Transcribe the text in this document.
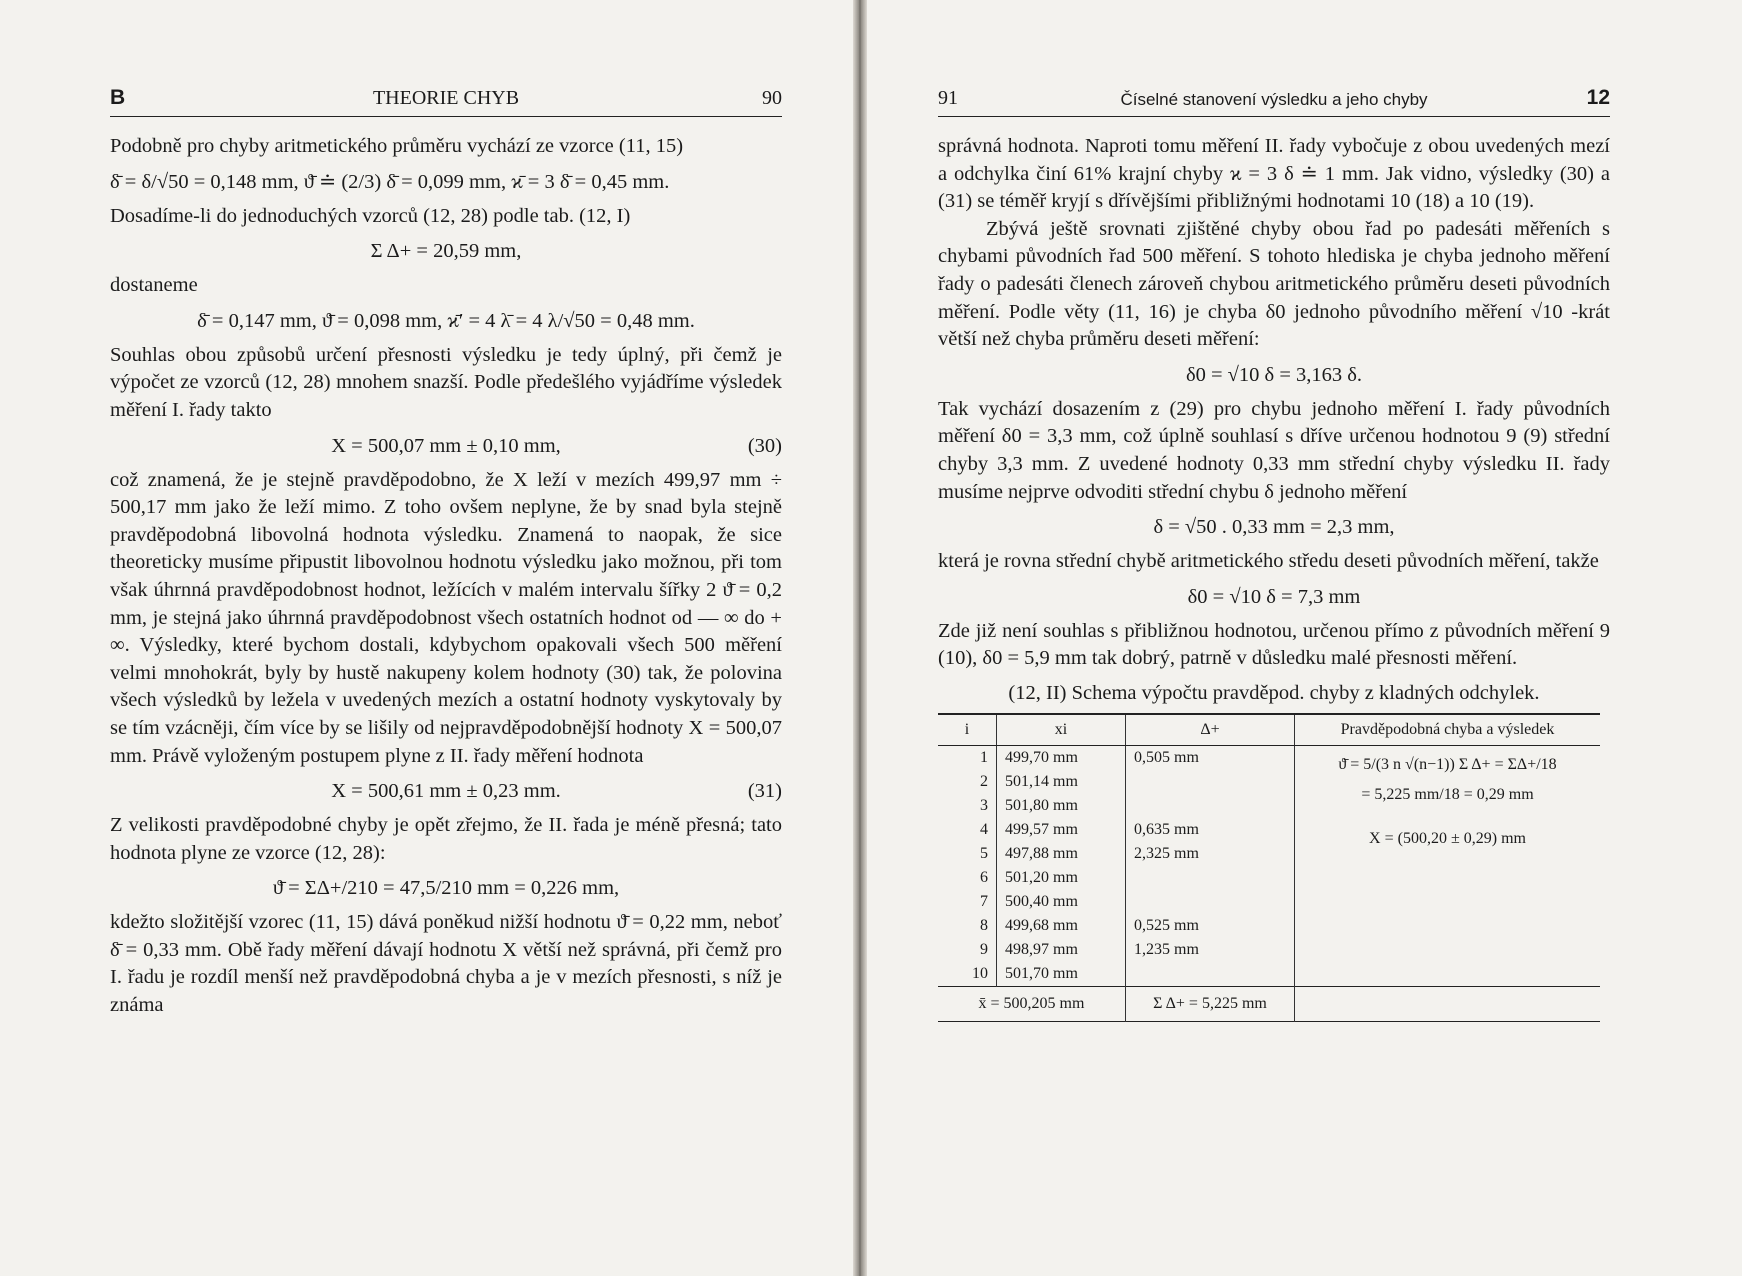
B	THEORIE CHYB	90

Podobně pro chyby aritmetického průměru vychází ze vzorce (11, 15)

δ̄ = δ/√50 = 0,148 mm, ϑ̄ ≐ (2/3) δ̄ = 0,099 mm, ϰ̄ = 3 δ̄ = 0,45 mm.

Dosadíme-li do jednoduchých vzorců (12, 28) podle tab. (12, I)

Σ Δ+ = 20,59 mm,

dostaneme

δ̄ = 0,147 mm, ϑ̄ = 0,098 mm, ϰ̄′ = 4 λ̄ = 4 λ/√50 = 0,48 mm.

Souhlas obou způsobů určení přesnosti výsledku je tedy úplný, při čemž je výpočet ze vzorců (12, 28) mnohem snazší. Podle předešlého vyjádříme výsledek měření I. řady takto

X = 500,07 mm ± 0,10 mm,	(30)

což znamená, že je stejně pravděpodobno, že X leží v mezích 499,97 mm ÷ 500,17 mm jako že leží mimo. Z toho ovšem neplyne, že by snad byla stejně pravděpodobná libovolná hodnota výsledku. Znamená to naopak, že sice theoreticky musíme připustit libovolnou hodnotu výsledku jako možnou, při tom však úhrnná pravděpodobnost hodnot, ležících v malém intervalu šířky 2 ϑ̄ = 0,2 mm, je stejná jako úhrnná pravděpodobnost všech ostatních hodnot od — ∞ do + ∞. Výsledky, které bychom dostali, kdybychom opakovali všech 500 měření velmi mnohokrát, byly by hustě nakupeny kolem hodnoty (30) tak, že polovina všech výsledků by ležela v uvedených mezích a ostatní hodnoty vyskytovaly by se tím vzácněji, čím více by se lišily od nejpravděpodobnější hodnoty X = 500,07 mm. Právě vyloženým postupem plyne z II. řady měření hodnota

X = 500,61 mm ± 0,23 mm.	(31)

Z velikosti pravděpodobné chyby je opět zřejmo, že II. řada je méně přesná; tato hodnota plyne ze vzorce (12, 28):

ϑ̄ = ΣΔ+/210 = 47,5/210 mm = 0,226 mm,

kdežto složitější vzorec (11, 15) dává poněkud nižší hodnotu ϑ̄ = 0,22 mm, neboť δ̄ = 0,33 mm. Obě řady měření dávají hodnotu X větší než správná, při čemž pro I. řadu je rozdíl menší než pravděpodobná chyba a je v mezích přesnosti, s níž je známa

91	Číselné stanovení výsledku a jeho chyby	12

správná hodnota. Naproti tomu měření II. řady vybočuje z obou uvedených mezí a odchylka činí 61% krajní chyby ϰ = 3 δ ≐ 1 mm. Jak vidno, výsledky (30) a (31) se téměř kryjí s dřívějšími přibližnými hodnotami 10 (18) a 10 (19).

Zbývá ještě srovnati zjištěné chyby obou řad po padesáti měřeních s chybami původních řad 500 měření. S tohoto hlediska je chyba jednoho měření řady o padesáti členech zároveň chybou aritmetického průměru deseti původních měření. Podle věty (11, 16) je chyba δ0 jednoho původního měření √10 -krát větší než chyba průměru deseti měření:

δ0 = √10 δ = 3,163 δ.

Tak vychází dosazením z (29) pro chybu jednoho měření I. řady původních měření δ0 = 3,3 mm, což úplně souhlasí s dříve určenou hodnotou 9 (9) střední chyby 3,3 mm. Z uvedené hodnoty 0,33 mm střední chyby výsledku II. řady musíme nejprve odvoditi střední chybu δ jednoho měření

δ = √50 . 0,33 mm = 2,3 mm,

která je rovna střední chybě aritmetického středu deseti původních měření, takže

δ0 = √10 δ = 7,3 mm

Zde již není souhlas s přibližnou hodnotou, určenou přímo z původních měření 9 (10), δ0 = 5,9 mm tak dobrý, patrně v důsledku malé přesnosti měření.

(12, II) Schema výpočtu pravděpod. chyby z kladných odchylek.
i	xi	Δ+	Pravděpodobná chyba a výsledek
1	499,70 mm	0,505 mm	ϑ̄ = 5/(3 n √(n−1)) Σ Δ+ = ΣΔ+/18
= 5,225 mm/18 = 0,29 mm
X = (500,20 ± 0,29) mm

2	501,14 mm		
3	501,80 mm		
4	499,57 mm	0,635 mm	
5	497,88 mm	2,325 mm	
6	501,20 mm		
7	500,40 mm		
8	499,68 mm	0,525 mm	
9	498,97 mm	1,235 mm	
10	501,70 mm		
x̄ = 500,205 mm		Σ Δ+ = 5,225 mm	
